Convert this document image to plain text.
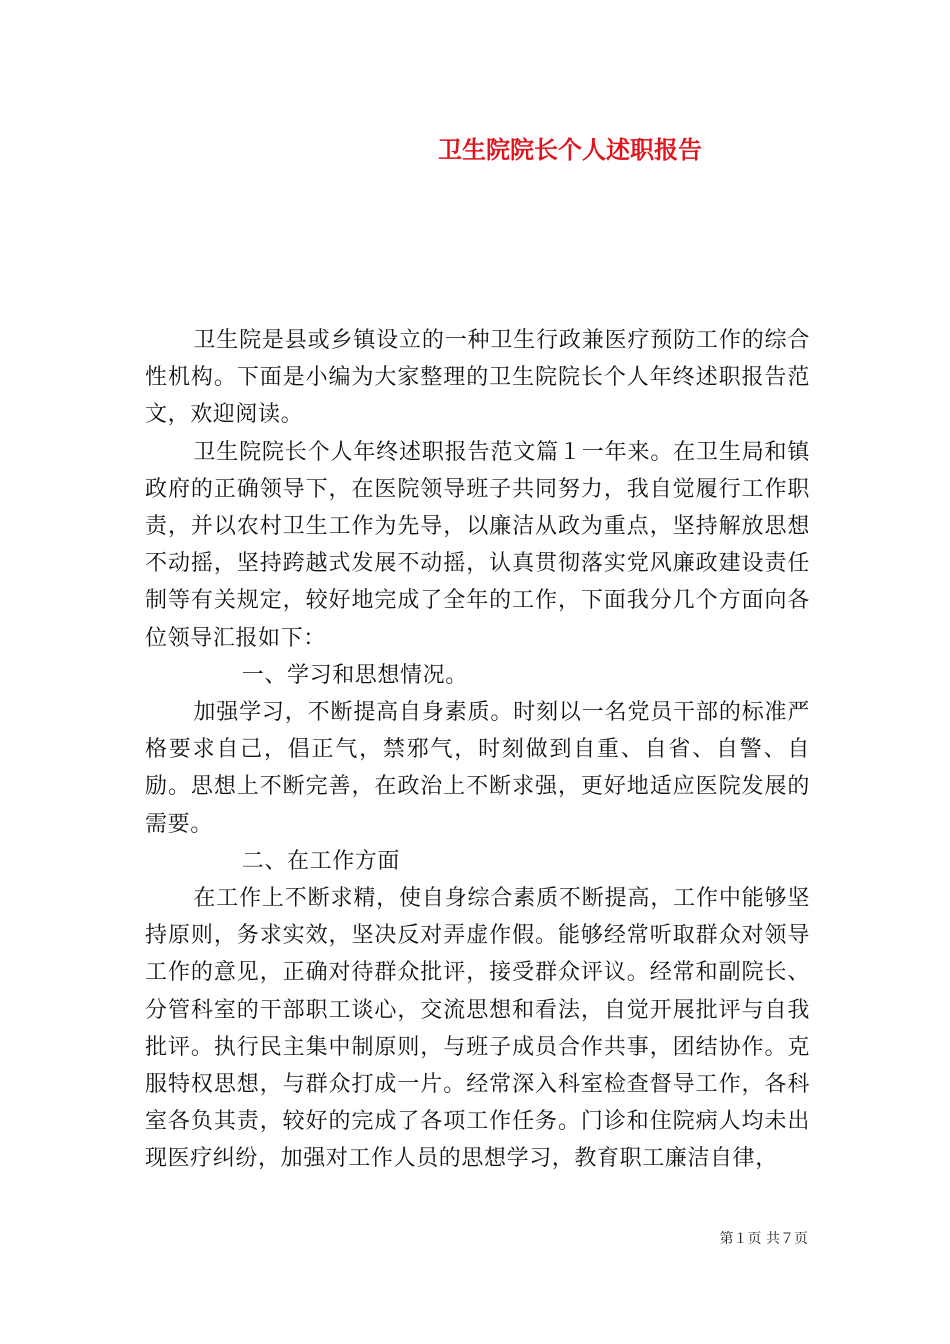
卫生院院长个人述职报告

卫生院是县或乡镇设立的一种卫生行政兼医疗预防工作的综合性机构。下面是小编为大家整理的卫生院院长个人年终述职报告范文，欢迎阅读。

卫生院院长个人年终述职报告范文篇１一年来。在卫生局和镇政府的正确领导下，在医院领导班子共同努力，我自觉履行工作职责，并以农村卫生工作为先导，以廉洁从政为重点，坚持解放思想不动摇，坚持跨越式发展不动摇，认真贯彻落实党风廉政建设责任制等有关规定，较好地完成了全年的工作，下面我分几个方面向各位领导汇报如下：

一、学习和思想情况。

加强学习，不断提高自身素质。时刻以一名党员干部的标准严格要求自己，倡正气，禁邪气，时刻做到自重、自省、自警、自励。思想上不断完善，在政治上不断求强，更好地适应医院发展的需要。

二、在工作方面

在工作上不断求精，使自身综合素质不断提高，工作中能够坚持原则，务求实效，坚决反对弄虚作假。能够经常听取群众对领导工作的意见，正确对待群众批评，接受群众评议。经常和副院长、分管科室的干部职工谈心，交流思想和看法，自觉开展批评与自我批评。执行民主集中制原则，与班子成员合作共事，团结协作。克服特权思想，与群众打成一片。经常深入科室检查督导工作，各科室各负其责，较好的完成了各项工作任务。门诊和住院病人均未出现医疗纠纷，加强对工作人员的思想学习，教育职工廉洁自律，

第１页 共７页
